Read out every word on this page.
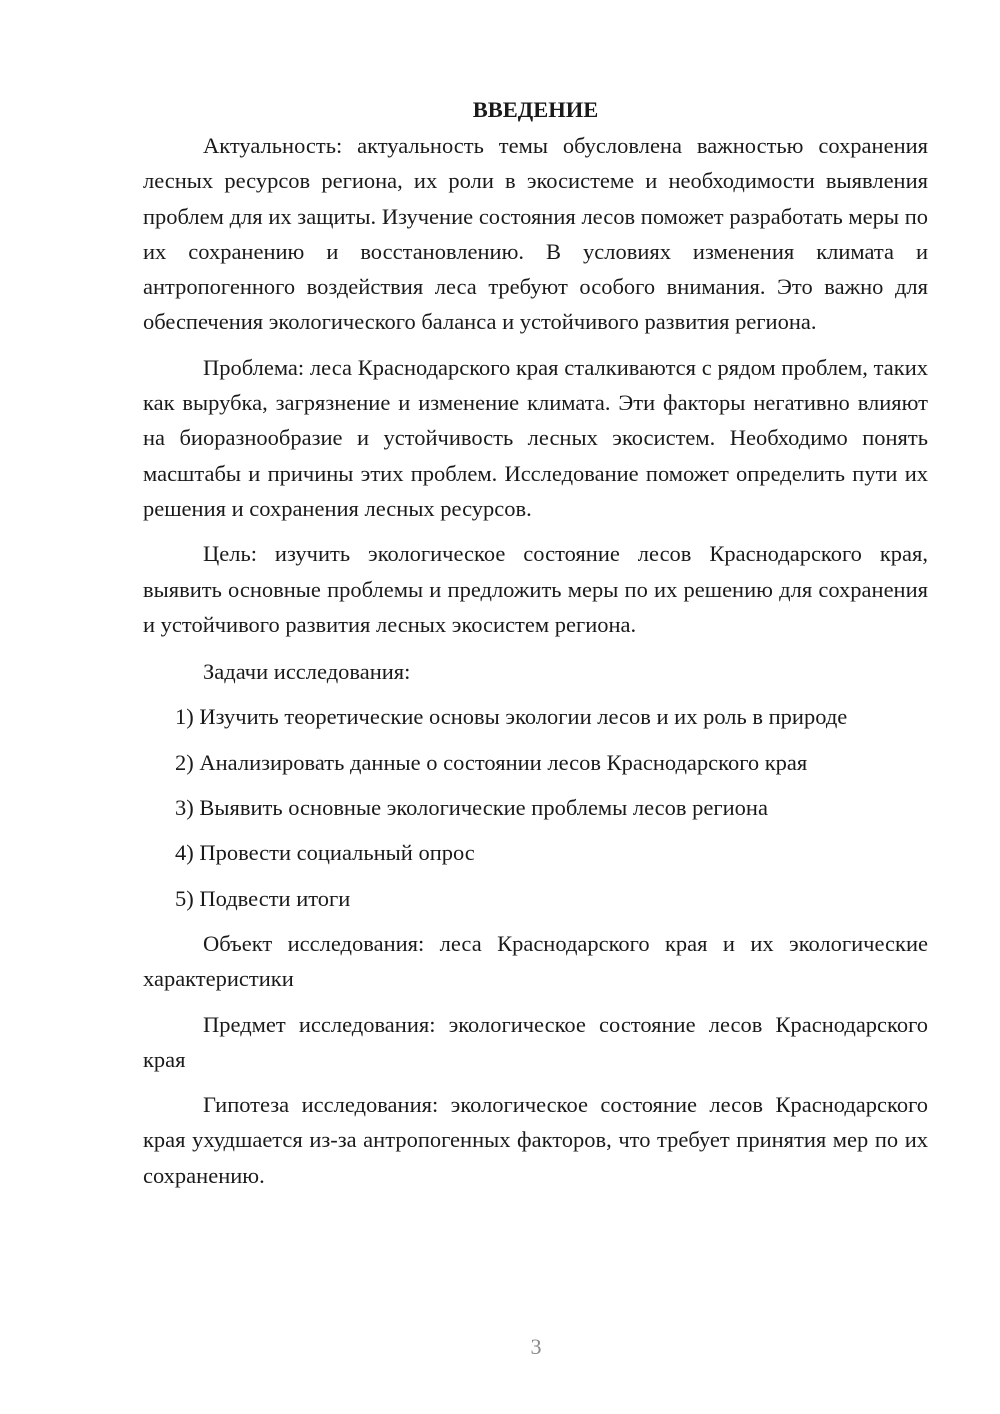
ВВЕДЕНИЕ

Актуальность: актуальность темы обусловлена важностью сохранения лесных ресурсов региона, их роли в экосистеме и необходимости выявления проблем для их защиты. Изучение состояния лесов поможет разработать меры по их сохранению и восстановлению. В условиях изменения климата и антропогенного воздействия леса требуют особого внимания. Это важно для обеспечения экологического баланса и устойчивого развития региона.

Проблема: леса Краснодарского края сталкиваются с рядом проблем, таких как вырубка, загрязнение и изменение климата. Эти факторы негативно влияют на биоразнообразие и устойчивость лесных экосистем. Необходимо понять масштабы и причины этих проблем. Исследование поможет определить пути их решения и сохранения лесных ресурсов.

Цель: изучить экологическое состояние лесов Краснодарского края, выявить основные проблемы и предложить меры по их решению для сохранения и устойчивого развития лесных экосистем региона.

Задачи исследования:

1) Изучить теоретические основы экологии лесов и их роль в природе
2) Анализировать данные о состоянии лесов Краснодарского края
3) Выявить основные экологические проблемы лесов региона
4) Провести социальный опрос
5) Подвести итоги

Объект исследования: леса Краснодарского края и их экологические характеристики

Предмет исследования: экологическое состояние лесов Краснодарского края

Гипотеза исследования: экологическое состояние лесов Краснодарского края ухудшается из-за антропогенных факторов, что требует принятия мер по их сохранению.

3
